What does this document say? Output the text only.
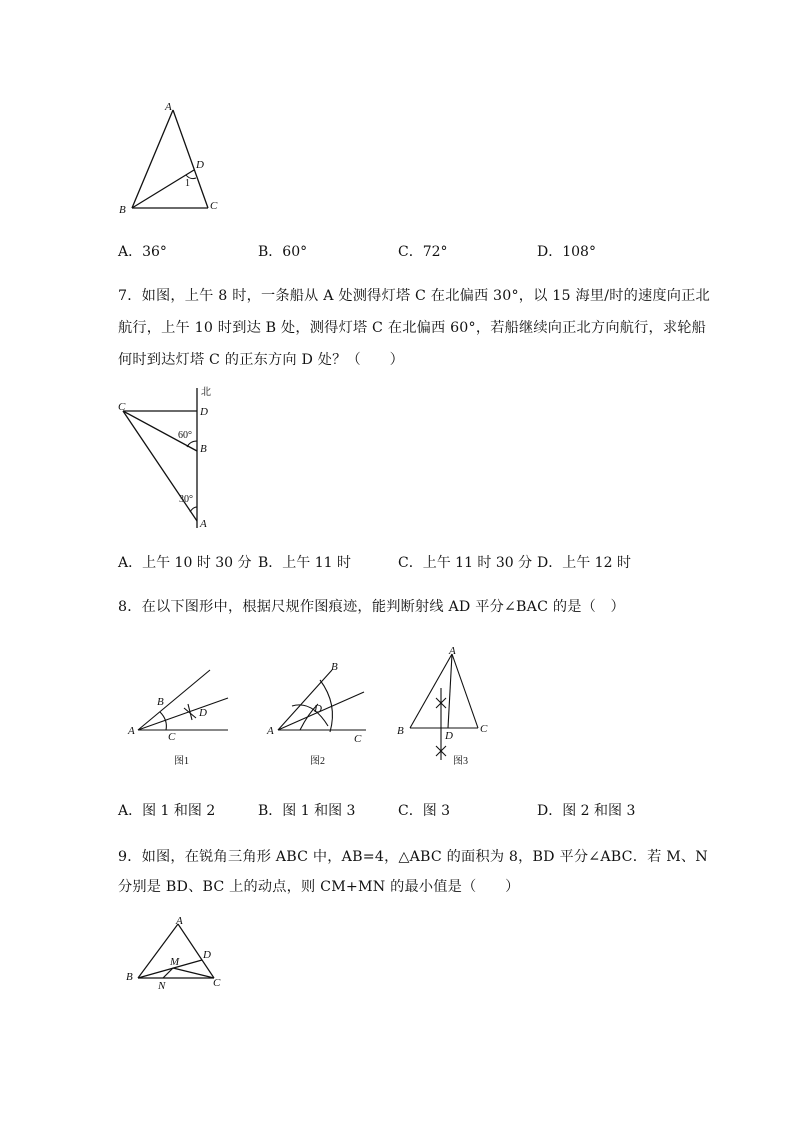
A
D
1
B	C
A．36°	B．60°	C．72°	D．108°
7．如图，上午 8 时，一条船从 A 处测得灯塔 C 在北偏西 30°，以 15 海里/时的速度向正北
航行，上午 10 时到达 B 处，测得灯塔 C 在北偏西 60°，若船继续向正北方向航行，求轮船
何时到达灯塔 C 的正东方向 D 处？（　　）
北
C	D
60°
B
30°
A
A．上午 10 时 30 分 B．上午 11 时	C．上午 11 时 30 分 D．上午 12 时
8．在以下图形中，根据尺规作图痕迹，能判断射线 AD 平分∠BAC 的是（　）
A
B
C
D
图1
A
B
C
D
图2
A
B	C
D
图3
A．图 1 和图 2	B．图 1 和图 3	C．图 3	D．图 2 和图 3
9．如图，在锐角三角形 ABC 中，AB=4，△ABC 的面积为 8，BD 平分∠ABC．若 M、N
分别是 BD、BC 上的动点，则 CM+MN 的最小值是（　　）
A
D
M
B	C
N
